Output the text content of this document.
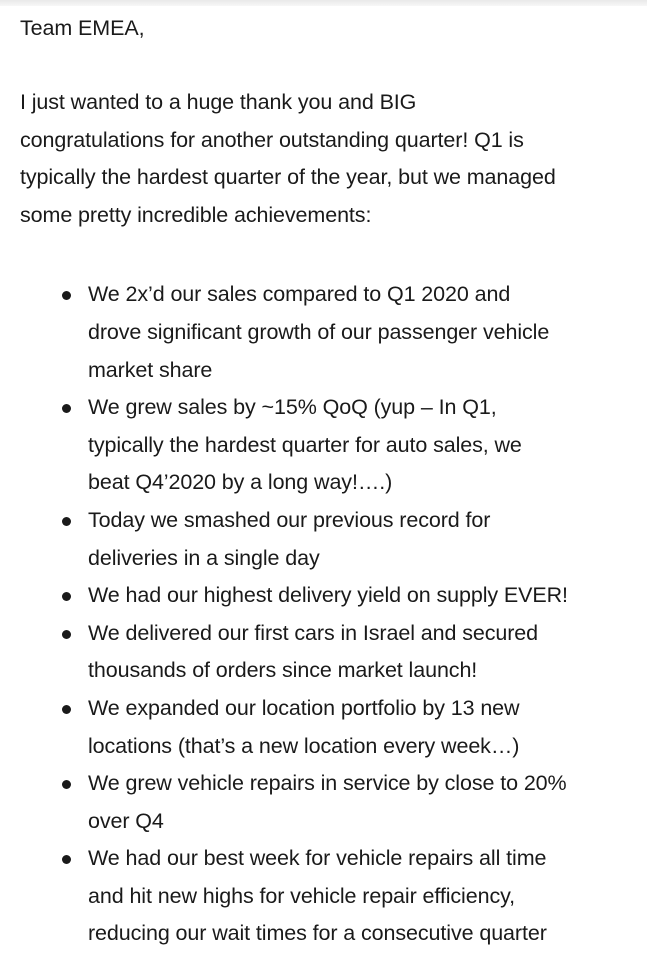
Team EMEA,

I just wanted to a huge thank you and BIG
congratulations for another outstanding quarter! Q1 is
typically the hardest quarter of the year, but we managed
some pretty incredible achievements:

We 2x’d our sales compared to Q1 2020 and
drove significant growth of our passenger vehicle
market share
We grew sales by ~15% QoQ (yup – In Q1,
typically the hardest quarter for auto sales, we
beat Q4’2020 by a long way!….)
Today we smashed our previous record for
deliveries in a single day
We had our highest delivery yield on supply EVER!
We delivered our first cars in Israel and secured
thousands of orders since market launch!
We expanded our location portfolio by 13 new
locations (that’s a new location every week…)
We grew vehicle repairs in service by close to 20%
over Q4
We had our best week for vehicle repairs all time
and hit new highs for vehicle repair efficiency,
reducing our wait times for a consecutive quarter
